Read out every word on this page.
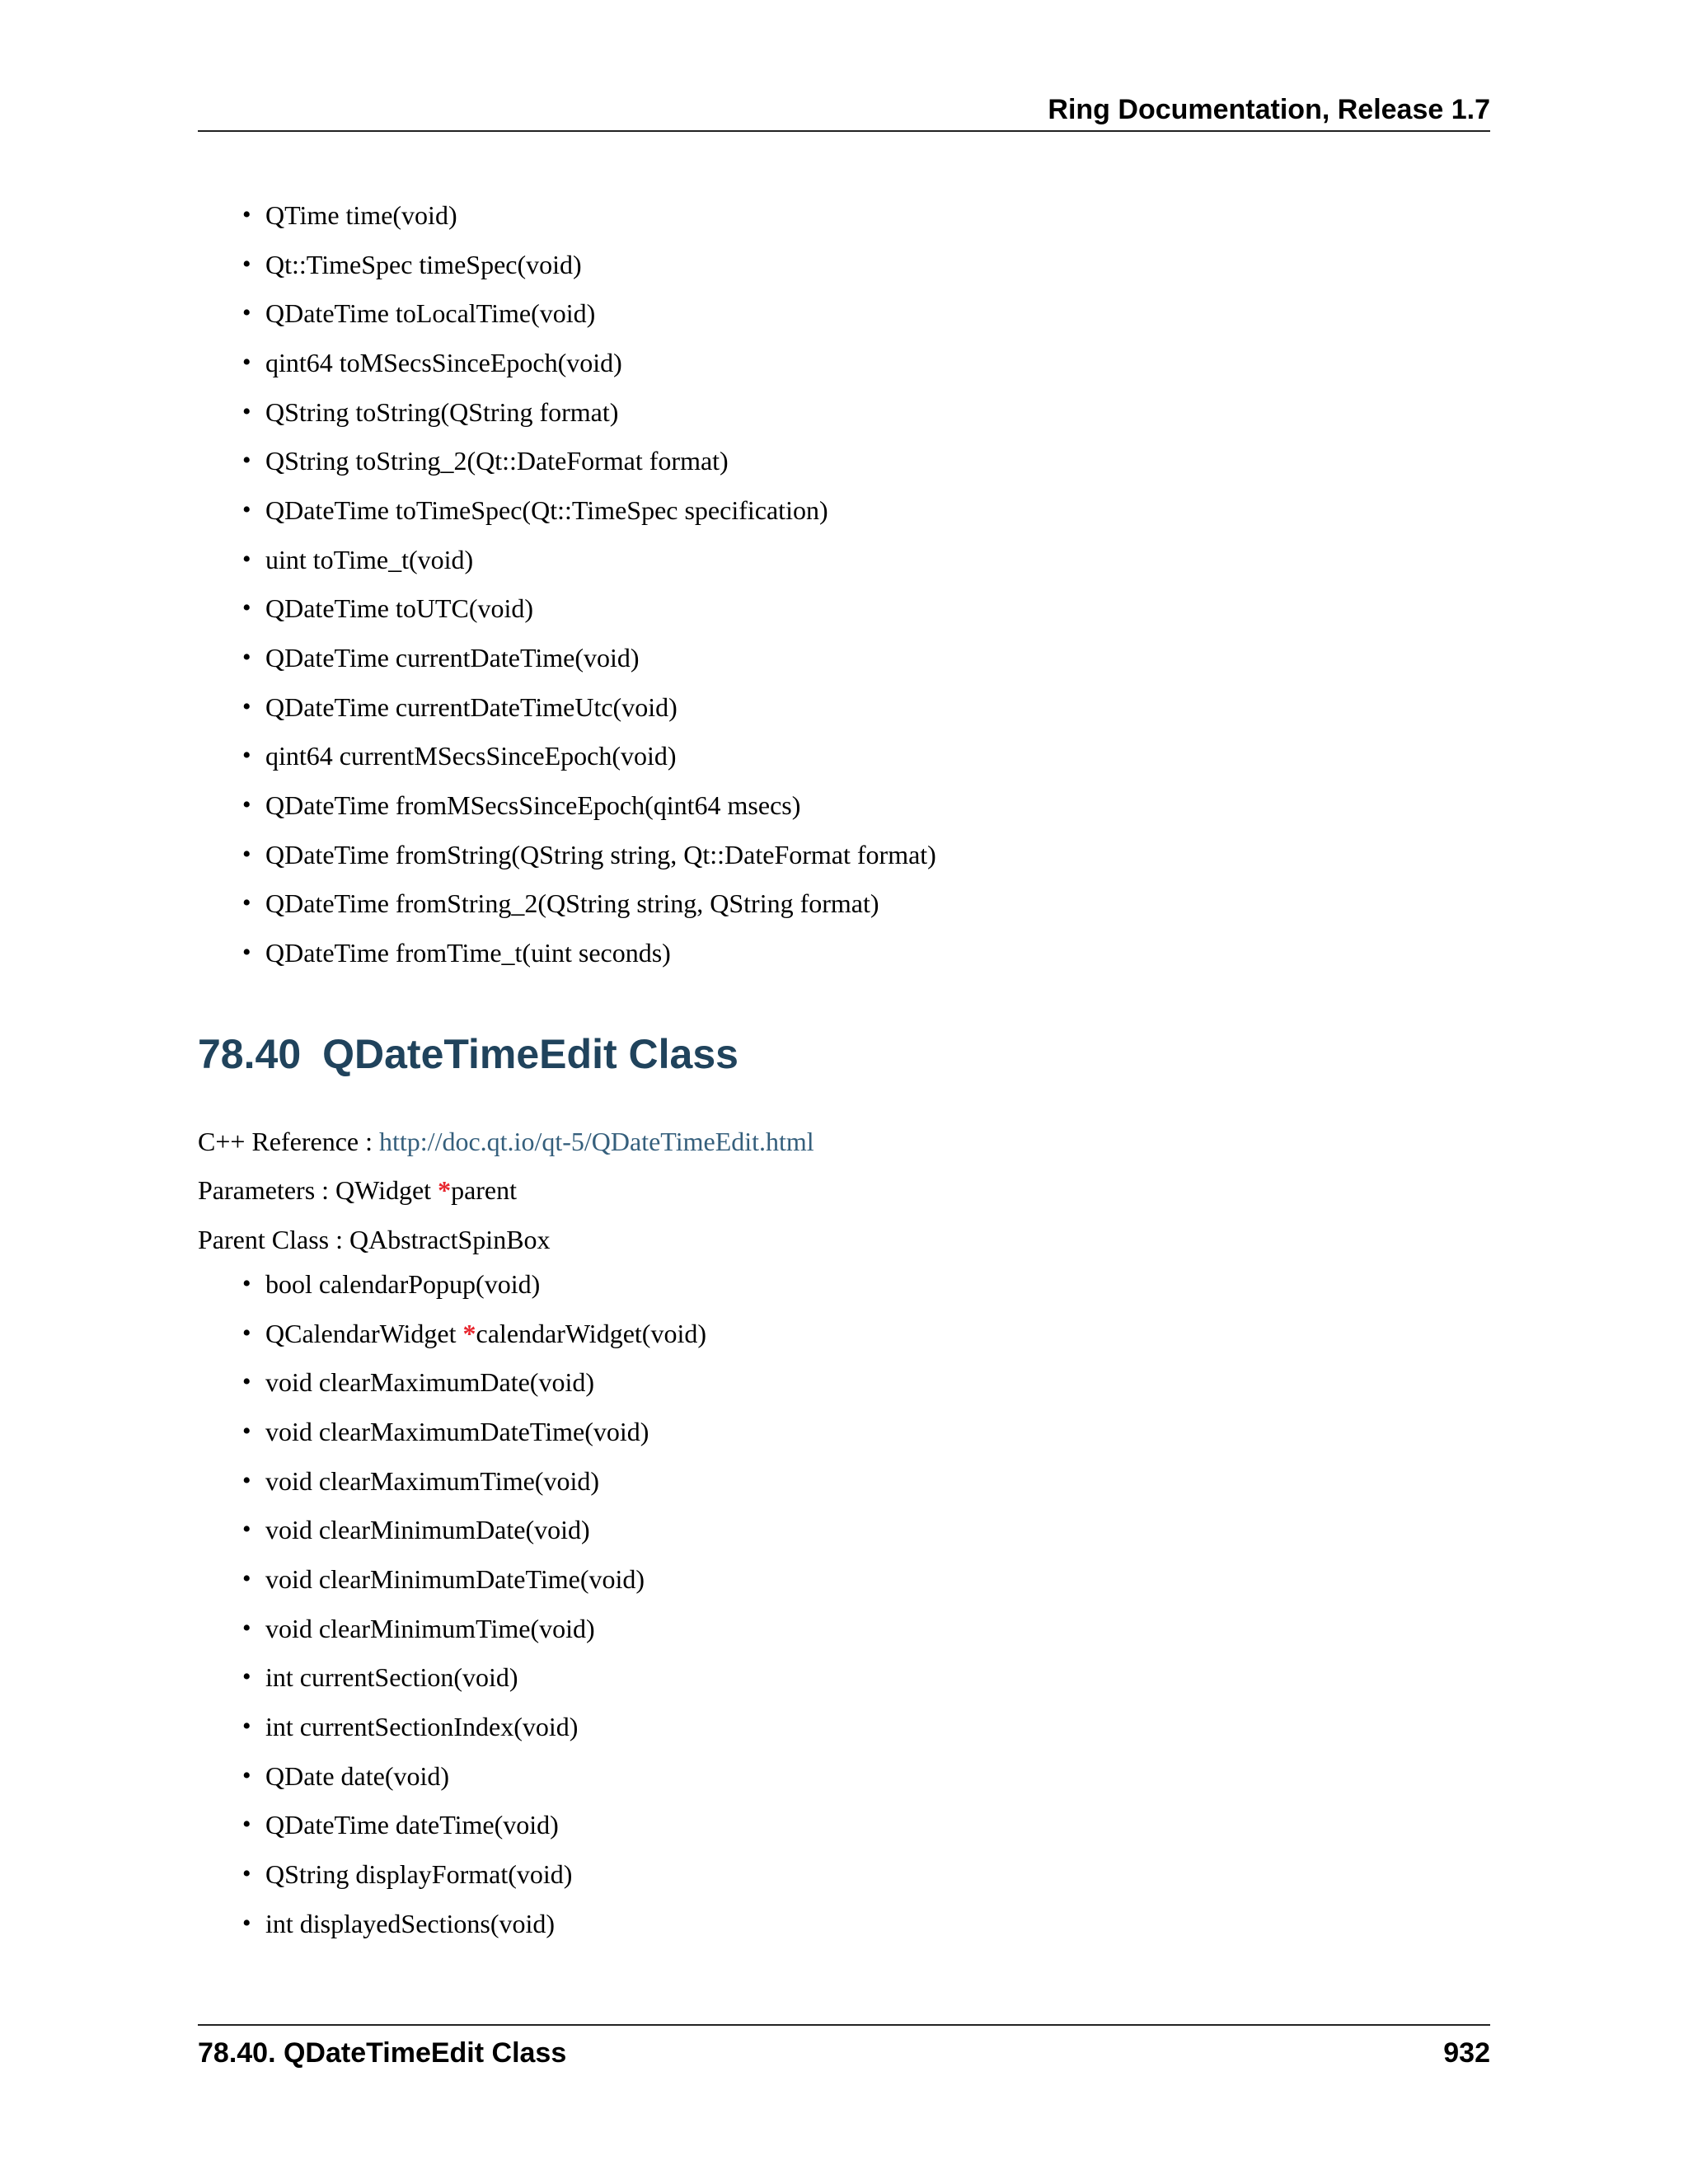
Ring Documentation, Release 1.7
• QTime time(void)
• Qt::TimeSpec timeSpec(void)
• QDateTime toLocalTime(void)
• qint64 toMSecsSinceEpoch(void)
• QString toString(QString format)
• QString toString_2(Qt::DateFormat format)
• QDateTime toTimeSpec(Qt::TimeSpec specification)
• uint toTime_t(void)
• QDateTime toUTC(void)
• QDateTime currentDateTime(void)
• QDateTime currentDateTimeUtc(void)
• qint64 currentMSecsSinceEpoch(void)
• QDateTime fromMSecsSinceEpoch(qint64 msecs)
• QDateTime fromString(QString string, Qt::DateFormat format)
• QDateTime fromString_2(QString string, QString format)
• QDateTime fromTime_t(uint seconds)
78.40 QDateTimeEdit Class
C++ Reference : http://doc.qt.io/qt-5/QDateTimeEdit.html
Parameters : QWidget *parent
Parent Class : QAbstractSpinBox
• bool calendarPopup(void)
• QCalendarWidget *calendarWidget(void)
• void clearMaximumDate(void)
• void clearMaximumDateTime(void)
• void clearMaximumTime(void)
• void clearMinimumDate(void)
• void clearMinimumDateTime(void)
• void clearMinimumTime(void)
• int currentSection(void)
• int currentSectionIndex(void)
• QDate date(void)
• QDateTime dateTime(void)
• QString displayFormat(void)
• int displayedSections(void)
78.40. QDateTimeEdit Class	932
